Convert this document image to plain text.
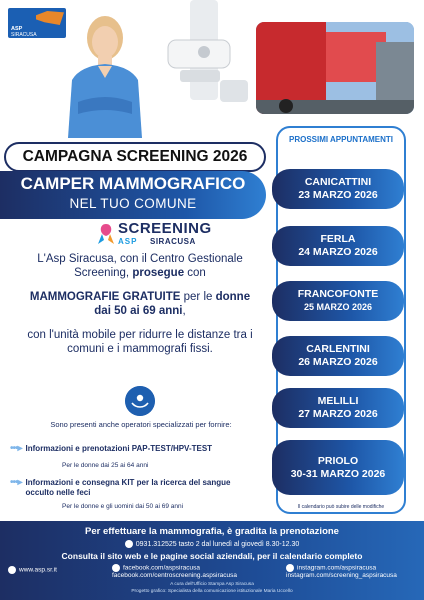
ASP
SIRACUSA
CAMPAGNA SCREENING 2026
CAMPER MAMMOGRAFICO
NEL TUO COMUNE
SCREENING
ASP SIRACUSA
L'Asp Siracusa, con il Centro Gestionale Screening, prosegue con
MAMMOGRAFIE GRATUITE per le donne dai 50 ai 69 anni,
con l'unità mobile per ridurre le distanze tra i comuni e i mammografi fissi.
Sono presenti anche operatori specializzati per fornire:
•••▸ Informazioni e prenotazioni PAP-TEST/HPV-TEST
Per le donne dai 25 ai 64 anni
•••▸ Informazioni e consegna KIT per la ricerca del sangue occulto nelle feci
Per le donne e gli uomini dai 50 ai 69 anni
PROSSIMI APPUNTAMENTI
CANICATTINI
23 MARZO 2026
FERLA
24 MARZO 2026
FRANCOFONTE
25 MARZO 2026
CARLENTINI
26 MARZO 2026
MELILLI
27 MARZO 2026
PRIOLO
30-31 MARZO 2026
Il calendario può subire delle modifiche
Per effettuare la mammografia, è gradita la prenotazione
0931.312525 tasto 2 dal lunedì al giovedì 8.30-12.30
Consulta il sito web e le pagine social aziendali, per il calendario completo
www.asp.sr.it	facebook.com/aspsiracusa
facebook.com/centroscreening.aspsiracusa
instagram.com/aspsiracusa
instagram.com/screening_aspsiracusa
A cura dell'Ufficio Stampa Asp Siracusa
Progetto grafico: Specialista della comunicazione istituzionale Maria Uccello
